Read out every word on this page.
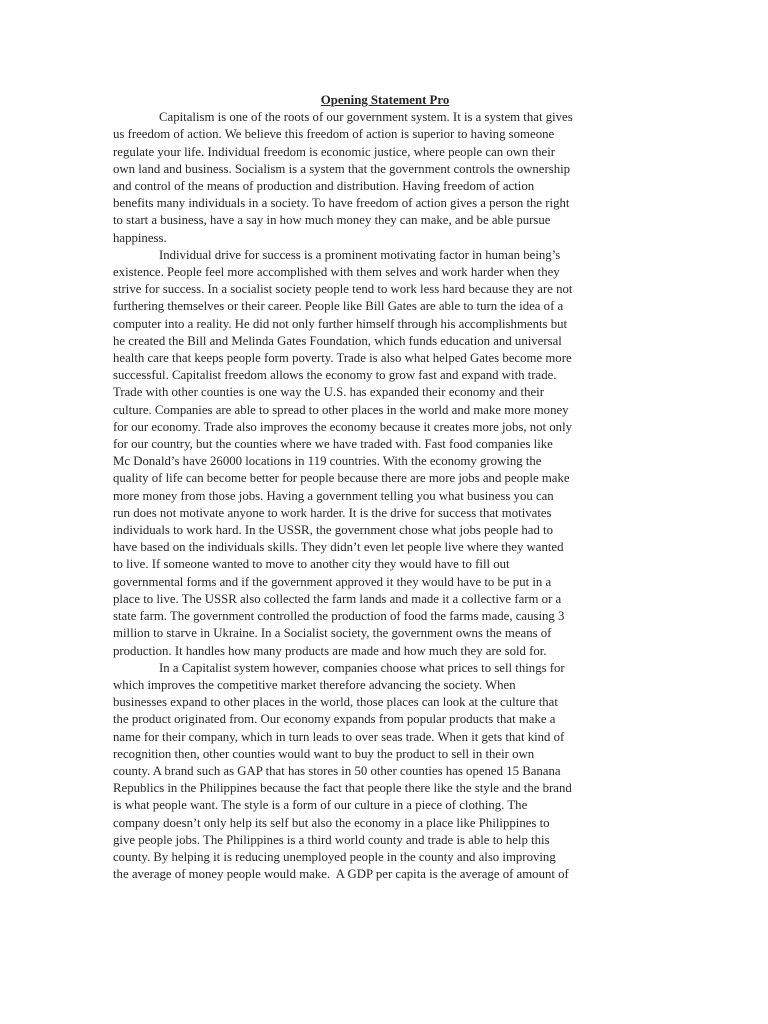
Opening Statement Pro

Capitalism is one of the roots of our government system. It is a system that gives
us freedom of action. We believe this freedom of action is superior to having someone
regulate your life. Individual freedom is economic justice, where people can own their
own land and business. Socialism is a system that the government controls the ownership
and control of the means of production and distribution. Having freedom of action
benefits many individuals in a society. To have freedom of action gives a person the right
to start a business, have a say in how much money they can make, and be able pursue
happiness.
Individual drive for success is a prominent motivating factor in human being’s
existence. People feel more accomplished with them selves and work harder when they
strive for success. In a socialist society people tend to work less hard because they are not
furthering themselves or their career. People like Bill Gates are able to turn the idea of a
computer into a reality. He did not only further himself through his accomplishments but
he created the Bill and Melinda Gates Foundation, which funds education and universal
health care that keeps people form poverty. Trade is also what helped Gates become more
successful. Capitalist freedom allows the economy to grow fast and expand with trade.
Trade with other counties is one way the U.S. has expanded their economy and their
culture. Companies are able to spread to other places in the world and make more money
for our economy. Trade also improves the economy because it creates more jobs, not only
for our country, but the counties where we have traded with. Fast food companies like
Mc Donald’s have 26000 locations in 119 countries. With the economy growing the
quality of life can become better for people because there are more jobs and people make
more money from those jobs. Having a government telling you what business you can
run does not motivate anyone to work harder. It is the drive for success that motivates
individuals to work hard. In the USSR, the government chose what jobs people had to
have based on the individuals skills. They didn’t even let people live where they wanted
to live. If someone wanted to move to another city they would have to fill out
governmental forms and if the government approved it they would have to be put in a
place to live. The USSR also collected the farm lands and made it a collective farm or a
state farm. The government controlled the production of food the farms made, causing 3
million to starve in Ukraine. In a Socialist society, the government owns the means of
production. It handles how many products are made and how much they are sold for.
In a Capitalist system however, companies choose what prices to sell things for
which improves the competitive market therefore advancing the society. When
businesses expand to other places in the world, those places can look at the culture that
the product originated from. Our economy expands from popular products that make a
name for their company, which in turn leads to over seas trade. When it gets that kind of
recognition then, other counties would want to buy the product to sell in their own
county. A brand such as GAP that has stores in 50 other counties has opened 15 Banana
Republics in the Philippines because the fact that people there like the style and the brand
is what people want. The style is a form of our culture in a piece of clothing. The
company doesn’t only help its self but also the economy in a place like Philippines to
give people jobs. The Philippines is a third world county and trade is able to help this
county. By helping it is reducing unemployed people in the county and also improving
the average of money people would make.  A GDP per capita is the average of amount of
